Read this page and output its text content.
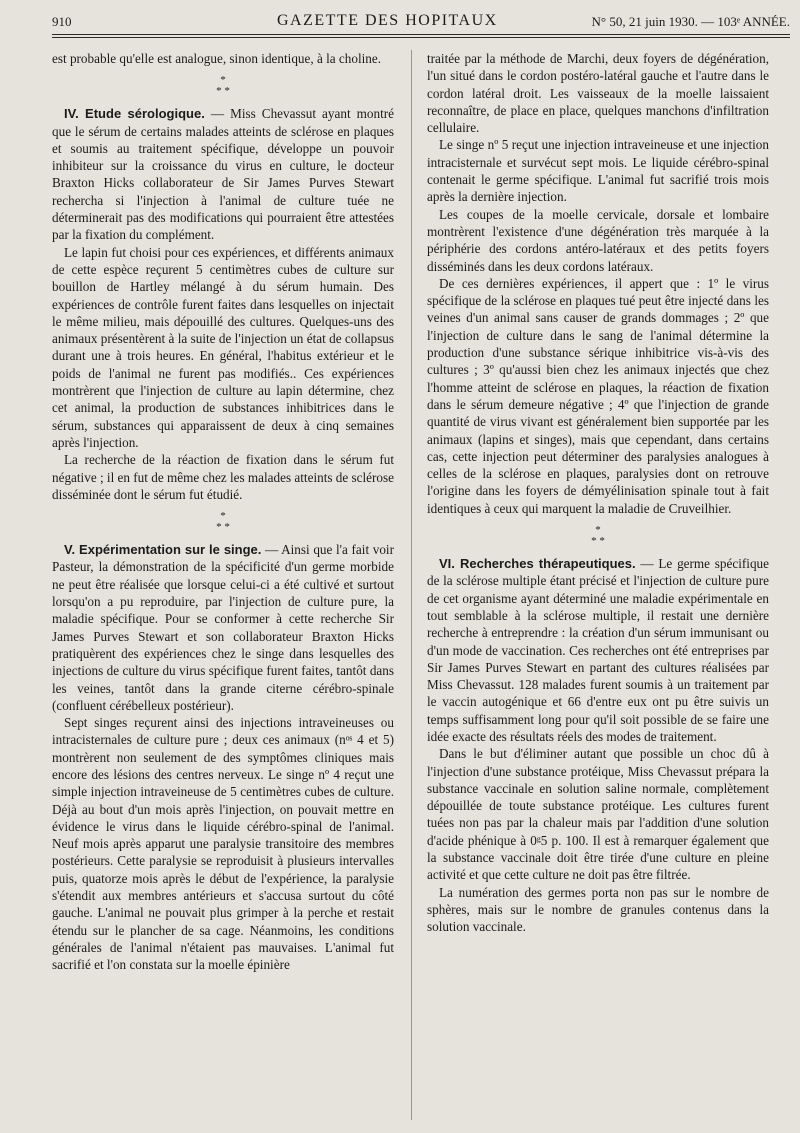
910	GAZETTE DES HOPITAUX	N° 50, 21 juin 1930. — 103ᵉ ANNÉE.

est probable qu'elle est analogue, sinon identique, à la choline.

*
* *

IV. Etude sérologique. — Miss Chevassut ayant montré que le sérum de certains malades atteints de sclérose en plaques et soumis au traitement spécifique, développe un pouvoir inhibiteur sur la croissance du virus en culture, le docteur Braxton Hicks collaborateur de Sir James Purves Stewart rechercha si l'injection à l'animal de culture tuée ne déterminerait pas des modifications qui pourraient être attestées par la fixation du complément.

Le lapin fut choisi pour ces expériences, et différents animaux de cette espèce reçurent 5 centimètres cubes de culture sur bouillon de Hartley mélangé à du sérum humain. Des expériences de contrôle furent faites dans lesquelles on injectait le même milieu, mais dépouillé des cultures. Quelques-uns des animaux présentèrent à la suite de l'injection un état de collapsus durant une à trois heures. En général, l'habitus extérieur et le poids de l'animal ne furent pas modifiés.. Ces expériences montrèrent que l'injection de culture au lapin détermine, chez cet animal, la production de substances inhibitrices dans le sérum, substances qui apparaissent de deux à cinq semaines après l'injection.

La recherche de la réaction de fixation dans le sérum fut négative ; il en fut de même chez les malades atteints de sclérose disséminée dont le sérum fut étudié.

*
* *

V. Expérimentation sur le singe. — Ainsi que l'a fait voir Pasteur, la démonstration de la spécificité d'un germe morbide ne peut être réalisée que lorsque celui-ci a été cultivé et surtout lorsqu'on a pu reproduire, par l'injection de culture pure, la maladie spécifique. Pour se conformer à cette recherche Sir James Purves Stewart et son collaborateur Braxton Hicks pratiquèrent des expériences chez le singe dans lesquelles des injections de culture du virus spécifique furent faites, tantôt dans les veines, tantôt dans la grande citerne cérébro-spinale (confluent cérébelleux postérieur).

Sept singes reçurent ainsi des injections intraveineuses ou intracisternales de culture pure ; deux ces animaux (nᵒˢ 4 et 5) montrèrent non seulement de des symptômes cliniques mais encore des lésions des centres nerveux. Le singe nº 4 reçut une simple injection intraveineuse de 5 centimètres cubes de culture. Déjà au bout d'un mois après l'injection, on pouvait mettre en évidence le virus dans le liquide cérébro-spinal de l'animal. Neuf mois après apparut une paralysie transitoire des membres postérieurs. Cette paralysie se reproduisit à plusieurs intervalles puis, quatorze mois après le début de l'expérience, la paralysie s'étendit aux membres antérieurs et s'accusa surtout du côté gauche. L'animal ne pouvait plus grimper à la perche et restait étendu sur le plancher de sa cage. Néanmoins, les conditions générales de l'animal n'étaient pas mauvaises. L'animal fut sacrifié et l'on constata sur la moelle épinière

traitée par la méthode de Marchi, deux foyers de dégénération, l'un situé dans le cordon postéro-latéral gauche et l'autre dans le cordon latéral droit. Les vaisseaux de la moelle laissaient reconnaître, de place en place, quelques manchons d'infiltration cellulaire.

Le singe nº 5 reçut une injection intraveineuse et une injection intracisternale et survécut sept mois. Le liquide cérébro-spinal contenait le germe spécifique. L'animal fut sacrifié trois mois après la dernière injection.

Les coupes de la moelle cervicale, dorsale et lombaire montrèrent l'existence d'une dégénération très marquée à la périphérie des cordons antéro-latéraux et des petits foyers disséminés dans les deux cordons latéraux.

De ces dernières expériences, il appert que : 1º le virus spécifique de la sclérose en plaques tué peut être injecté dans les veines d'un animal sans causer de grands dommages ; 2º que l'injection de culture dans le sang de l'animal détermine la production d'une substance sérique inhibitrice vis-à-vis des cultures ; 3º qu'aussi bien chez les animaux injectés que chez l'homme atteint de sclérose en plaques, la réaction de fixation dans le sérum demeure négative ; 4º que l'injection de grande quantité de virus vivant est généralement bien supportée par les animaux (lapins et singes), mais que cependant, dans certains cas, cette injection peut déterminer des paralysies analogues à celles de la sclérose en plaques, paralysies dont on retrouve l'origine dans les foyers de démyélinisation spinale tout à fait identiques à ceux qui marquent la maladie de Cruveilhier.

*
* *

VI. Recherches thérapeutiques. — Le germe spécifique de la sclérose multiple étant précisé et l'injection de culture pure de cet organisme ayant déterminé une maladie expérimentale en tout semblable à la sclérose multiple, il restait une dernière recherche à entreprendre : la création d'un sérum immunisant ou d'un mode de vaccination. Ces recherches ont été entreprises par Sir James Purves Stewart en partant des cultures réalisées par Miss Chevassut. 128 malades furent soumis à un traitement par le vaccin autogénique et 66 d'entre eux ont pu être suivis un temps suffisamment long pour qu'il soit possible de se faire une idée exacte des résultats réels des modes de traitement.

Dans le but d'éliminer autant que possible un choc dû à l'injection d'une substance protéique, Miss Chevassut prépara la substance vaccinale en solution saline normale, complètement dépouillée de toute substance protéique. Les cultures furent tuées non pas par la chaleur mais par l'addition d'une solution d'acide phénique à 0ᵍ5 p. 100. Il est à remarquer également que la substance vaccinale doit être tirée d'une culture en pleine activité et que cette culture ne doit pas être filtrée.

La numération des germes porta non pas sur le nombre de sphères, mais sur le nombre de granules contenus dans la solution vaccinale.
